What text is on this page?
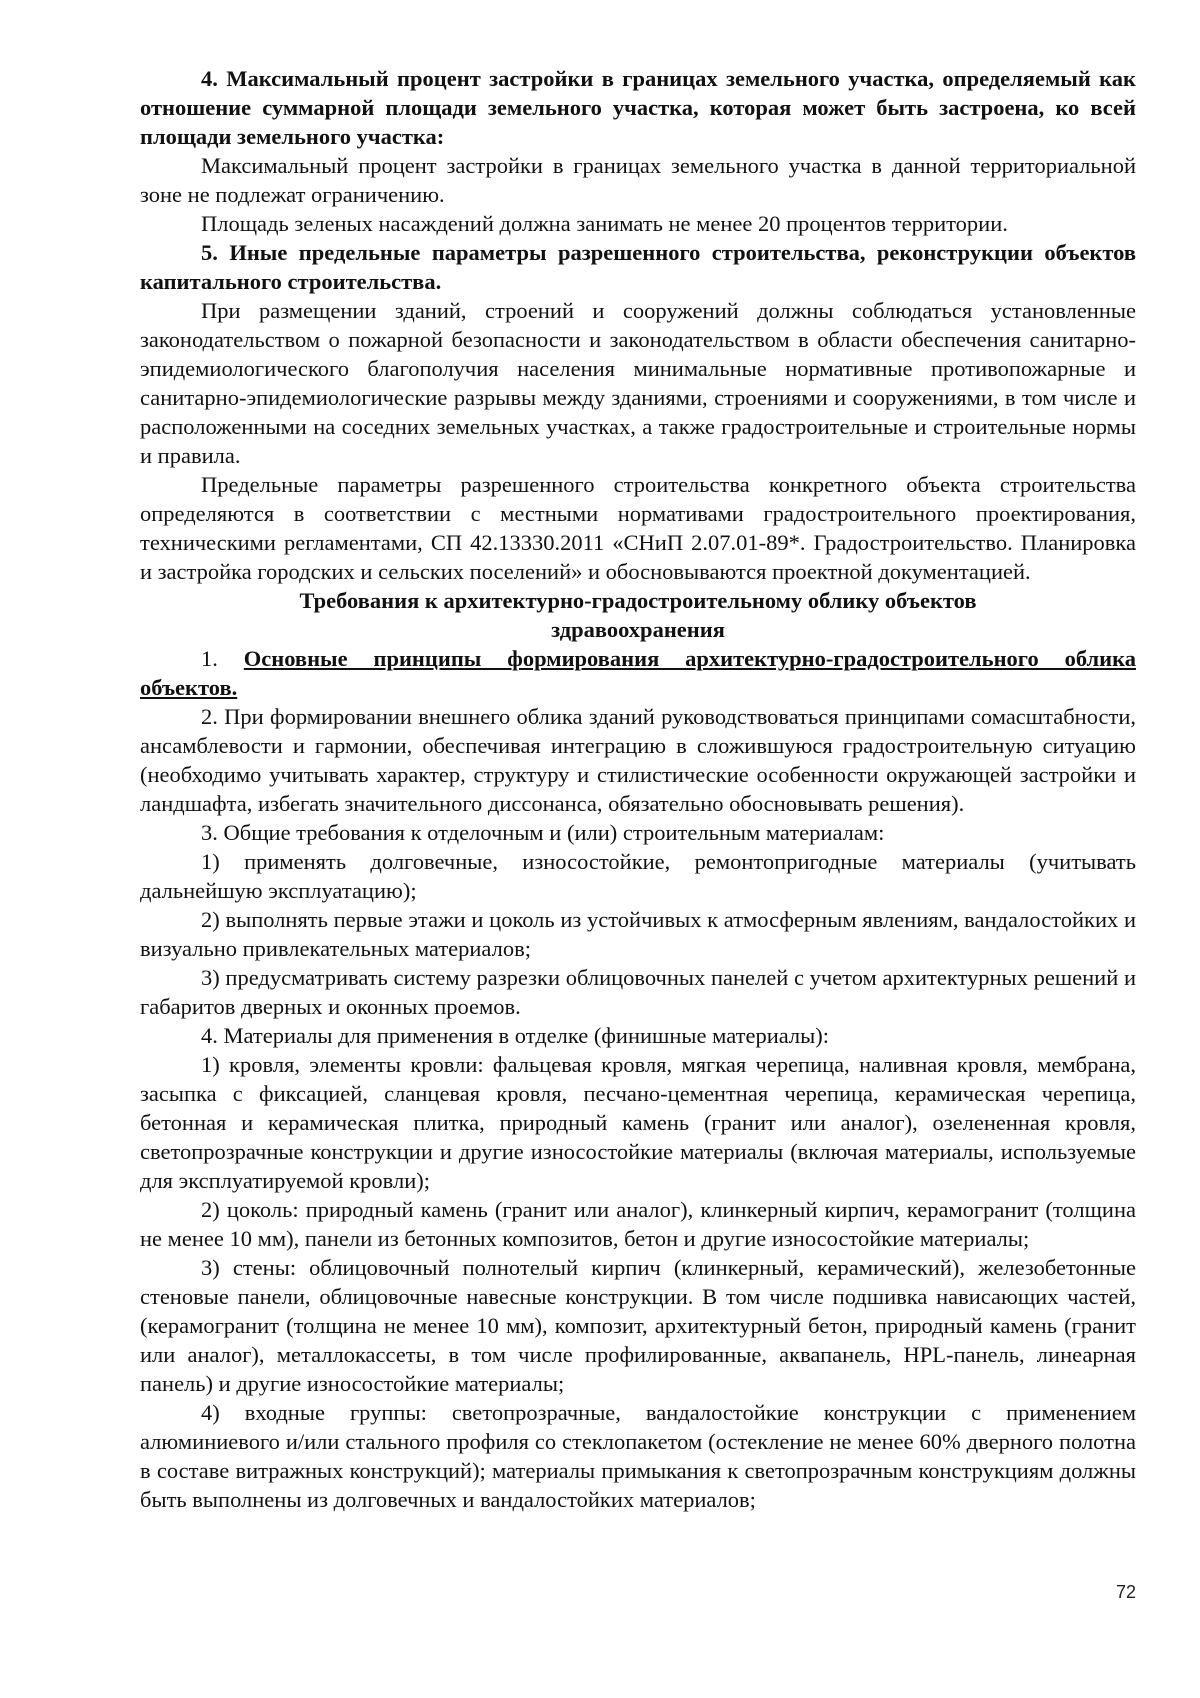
4. Максимальный процент застройки в границах земельного участка, определяемый как отношение суммарной площади земельного участка, которая может быть застроена, ко всей площади земельного участка:

Максимальный процент застройки в границах земельного участка в данной территориальной зоне не подлежат ограничению.

Площадь зеленых насаждений должна занимать не менее 20 процентов территории.

5. Иные предельные параметры разрешенного строительства, реконструкции объектов капитального строительства.

При размещении зданий, строений и сооружений должны соблюдаться установленные законодательством о пожарной безопасности и законодательством в области обеспечения санитарно-эпидемиологического благополучия населения минимальные нормативные противопожарные и санитарно-эпидемиологические разрывы между зданиями, строениями и сооружениями, в том числе и расположенными на соседних земельных участках, а также градостроительные и строительные нормы и правила.

Предельные параметры разрешенного строительства конкретного объекта строительства определяются в соответствии с местными нормативами градостроительного проектирования, техническими регламентами, СП 42.13330.2011 «СНиП 2.07.01-89*. Градостроительство. Планировка и застройка городских и сельских поселений» и обосновываются проектной документацией.

Требования к архитектурно-градостроительному облику объектов здравоохранения

1. Основные принципы формирования архитектурно-градостроительного облика объектов.

2. При формировании внешнего облика зданий руководствоваться принципами сомасштабности, ансамблевости и гармонии, обеспечивая интеграцию в сложившуюся градостроительную ситуацию (необходимо учитывать характер, структуру и стилистические особенности окружающей застройки и ландшафта, избегать значительного диссонанса, обязательно обосновывать решения).

3. Общие требования к отделочным и (или) строительным материалам:

1) применять долговечные, износостойкие, ремонтопригодные материалы (учитывать дальнейшую эксплуатацию);

2) выполнять первые этажи и цоколь из устойчивых к атмосферным явлениям, вандалостойких и визуально привлекательных материалов;

3) предусматривать систему разрезки облицовочных панелей с учетом архитектурных решений и габаритов дверных и оконных проемов.

4. Материалы для применения в отделке (финишные материалы):

1) кровля, элементы кровли: фальцевая кровля, мягкая черепица, наливная кровля, мембрана, засыпка с фиксацией, сланцевая кровля, песчано-цементная черепица, керамическая черепица, бетонная и керамическая плитка, природный камень (гранит или аналог), озелененная кровля, светопрозрачные конструкции и другие износостойкие материалы (включая материалы, используемые для эксплуатируемой кровли);

2) цоколь: природный камень (гранит или аналог), клинкерный кирпич, керамогранит (толщина не менее 10 мм), панели из бетонных композитов, бетон и другие износостойкие материалы;

3) стены: облицовочный полнотелый кирпич (клинкерный, керамический), железобетонные стеновые панели, облицовочные навесные конструкции. В том числе подшивка нависающих частей, (керамогранит (толщина не менее 10 мм), композит, архитектурный бетон, природный камень (гранит или аналог), металлокассеты, в том числе профилированные, аквапанель, HPL-панель, линеарная панель) и другие износостойкие материалы;

4) входные группы: светопрозрачные, вандалостойкие конструкции с применением алюминиевого и/или стального профиля со стеклопакетом (остекление не менее 60% дверного полотна в составе витражных конструкций); материалы примыкания к светопрозрачным конструкциям должны быть выполнены из долговечных и вандалостойких материалов;

72
